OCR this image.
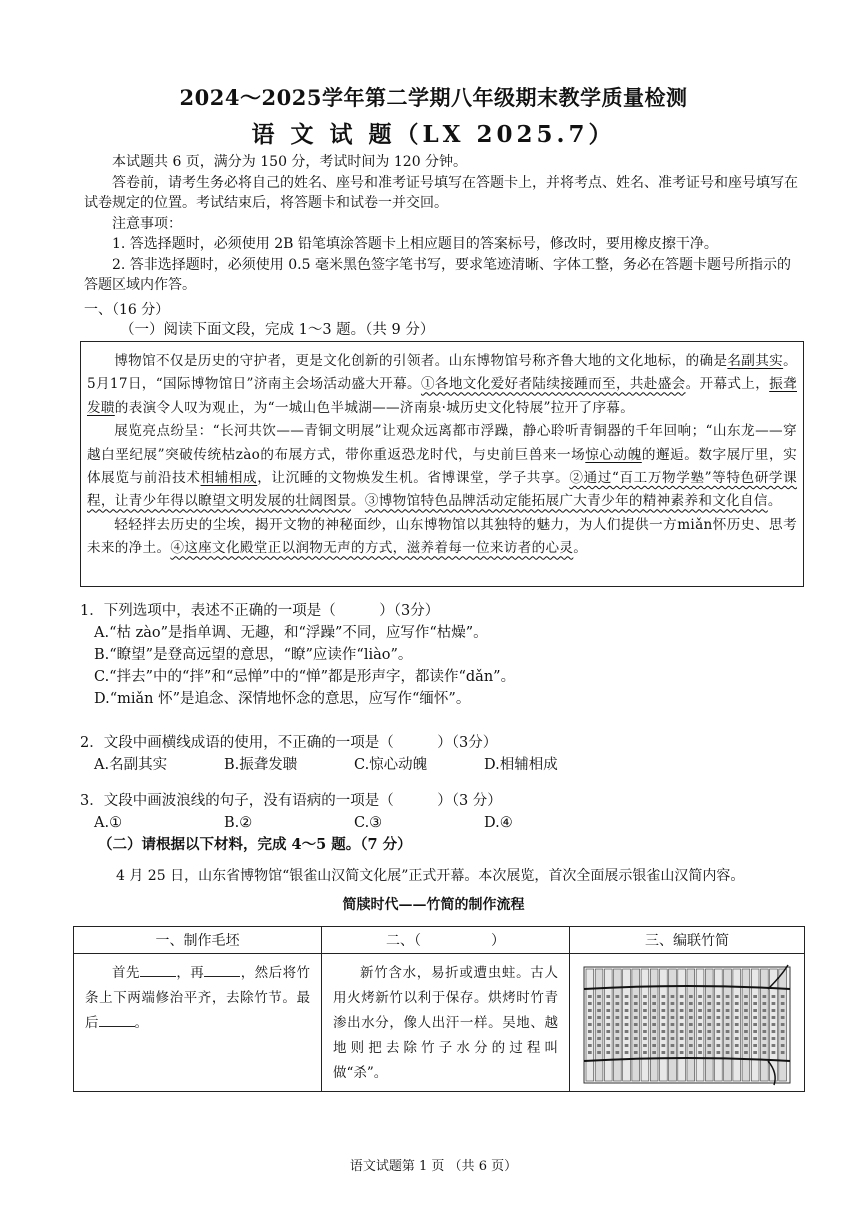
2024～2025学年第二学期八年级期末教学质量检测
语 文 试 题（LX 2025.7）

本试题共 6 页，满分为 150 分，考试时间为 120 分钟。

答卷前，请考生务必将自己的姓名、座号和准考证号填写在答题卡上，并将考点、姓名、准考证号和座号填写在试卷规定的位置。考试结束后，将答题卡和试卷一并交回。

注意事项：

1. 答选择题时，必须使用 2B 铅笔填涂答题卡上相应题目的答案标号，修改时，要用橡皮擦干净。

2. 答非选择题时，必须使用 0.5 毫米黑色签字笔书写，要求笔迹清晰、字体工整，务必在答题卡题号所指示的答题区域内作答。

一、（16 分）
（一）阅读下面文段，完成 1～3 题。（共 9 分）

博物馆不仅是历史的守护者，更是文化创新的引领者。山东博物馆号称齐鲁大地的文化地标，的确是名副其实。5月17日，“国际博物馆日”济南主会场活动盛大开幕。①各地文化爱好者陆续接踵而至，共赴盛会。开幕式上，振聋发聩的表演令人叹为观止，为“一城山色半城湖——济南泉·城历史文化特展”拉开了序幕。

展览亮点纷呈：“长河共饮——青铜文明展”让观众远离都市浮躁，静心聆听青铜器的千年回响；“山东龙——穿越白垩纪展”突破传统枯zào的布展方式，带你重返恐龙时代，与史前巨兽来一场惊心动魄的邂逅。数字展厅里，实体展览与前沿技术相辅相成，让沉睡的文物焕发生机。省博课堂，学子共享。②通过“百工万物学塾”等特色研学课程，让青少年得以瞭望文明发展的壮阔图景。③博物馆特色品牌活动定能拓展广大青少年的精神素养和文化自信。

轻轻拌去历史的尘埃，揭开文物的神秘面纱，山东博物馆以其独特的魅力，为人们提供一方miǎn怀历史、思考未来的净土。④这座文化殿堂正以润物无声的方式，滋养着每一位来访者的心灵。

1．下列选项中，表述不正确的一项是（　　　）（3分）
A.“枯 zào”是指单调、无趣，和“浮躁”不同，应写作“枯燥”。
B.“瞭望”是登高远望的意思，“瞭”应读作“liào”。
C.“拌去”中的“拌”和“忌惮”中的“惮”都是形声字，都读作“dǎn”。
D.“miǎn 怀”是追念、深情地怀念的意思，应写作“缅怀”。
2．文段中画横线成语的使用，不正确的一项是（　　　）（3分）
A.名副其实	B.振聋发聩	C.惊心动魄	D.相辅相成
3．文段中画波浪线的句子，没有语病的一项是（　　　）（3 分）
A.①	B.②	C.③	D.④
（二）请根据以下材料，完成 4～5 题。（7 分）
4 月 25 日，山东省博物馆“银雀山汉简文化展”正式开幕。本次展览，首次全面展示银雀山汉简内容。
简牍时代——竹简的制作流程
一、制作毛坯	二、（　　　　　）	三、编联竹简

首先 ，再 ，然后将竹条上下两端修治平齐，去除竹节。最后 。	新竹含水，易折或遭虫蛀。古人用火烤新竹以利于保存。烘烤时竹青渗出水分，像人出汗一样。吴地、越地则把去除竹子水分的过程叫做“杀”。

语文试题第 1 页 （共 6 页）
